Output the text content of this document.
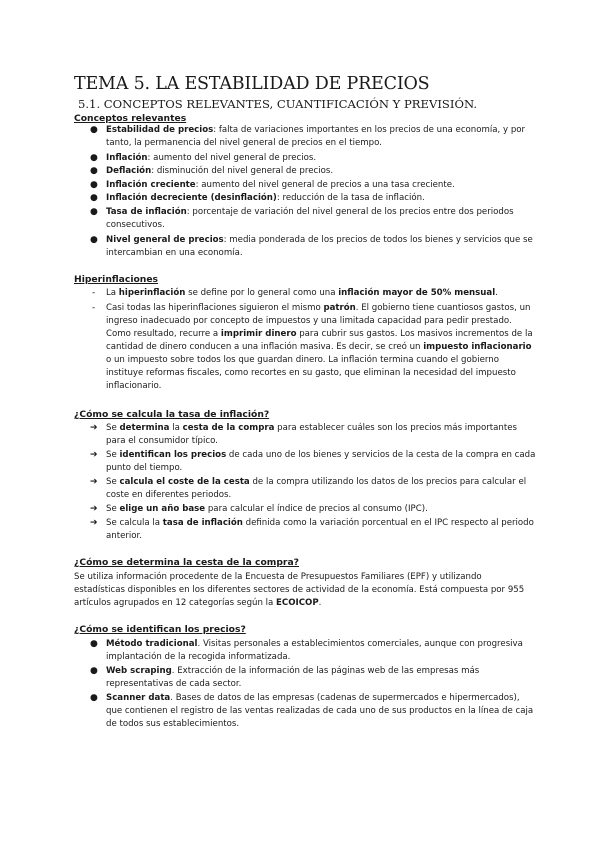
TEMA 5. LA ESTABILIDAD DE PRECIOS
5.1. CONCEPTOS RELEVANTES, CUANTIFICACIÓN Y PREVISIÓN.
Conceptos relevantes
● Estabilidad de precios: falta de variaciones importantes en los precios de una economía, y por tanto, la permanencia del nivel general de precios en el tiempo.
● Inflación: aumento del nivel general de precios.
● Deflación: disminución del nivel general de precios.
● Inflación creciente: aumento del nivel general de precios a una tasa creciente.
● Inflación decreciente (desinflación): reducción de la tasa de inflación.
● Tasa de inflación: porcentaje de variación del nivel general de los precios entre dos periodos consecutivos.
● Nivel general de precios: media ponderada de los precios de todos los bienes y servicios que se intercambian en una economía.
Hiperinflaciones
- La hiperinflación se define por lo general como una inflación mayor de 50% mensual.
- Casi todas las hiperinflaciones siguieron el mismo patrón. El gobierno tiene cuantiosos gastos, un ingreso inadecuado por concepto de impuestos y una limitada capacidad para pedir prestado. Como resultado, recurre a imprimir dinero para cubrir sus gastos. Los masivos incrementos de la cantidad de dinero conducen a una inflación masiva. Es decir, se creó un impuesto inflacionario o un impuesto sobre todos los que guardan dinero. La inflación termina cuando el gobierno instituye reformas fiscales, como recortes en su gasto, que eliminan la necesidad del impuesto inflacionario.
¿Cómo se calcula la tasa de inflación?
➔ Se determina la cesta de la compra para establecer cuáles son los precios más importantes para el consumidor típico.
➔ Se identifican los precios de cada uno de los bienes y servicios de la cesta de la compra en cada punto del tiempo.
➔ Se calcula el coste de la cesta de la compra utilizando los datos de los precios para calcular el coste en diferentes periodos.
➔ Se elige un año base para calcular el índice de precios al consumo (IPC).
➔ Se calcula la tasa de inflación definida como la variación porcentual en el IPC respecto al periodo anterior.
¿Cómo se determina la cesta de la compra?
Se utiliza información procedente de la Encuesta de Presupuestos Familiares (EPF) y utilizando estadísticas disponibles en los diferentes sectores de actividad de la economía. Está compuesta por 955 artículos agrupados en 12 categorías según la ECOICOP.
¿Cómo se identifican los precios?
● Método tradicional. Visitas personales a establecimientos comerciales, aunque con progresiva implantación de la recogida informatizada.
● Web scraping. Extracción de la información de las páginas web de las empresas más representativas de cada sector.
● Scanner data. Bases de datos de las empresas (cadenas de supermercados e hipermercados), que contienen el registro de las ventas realizadas de cada uno de sus productos en la línea de caja de todos sus establecimientos.
